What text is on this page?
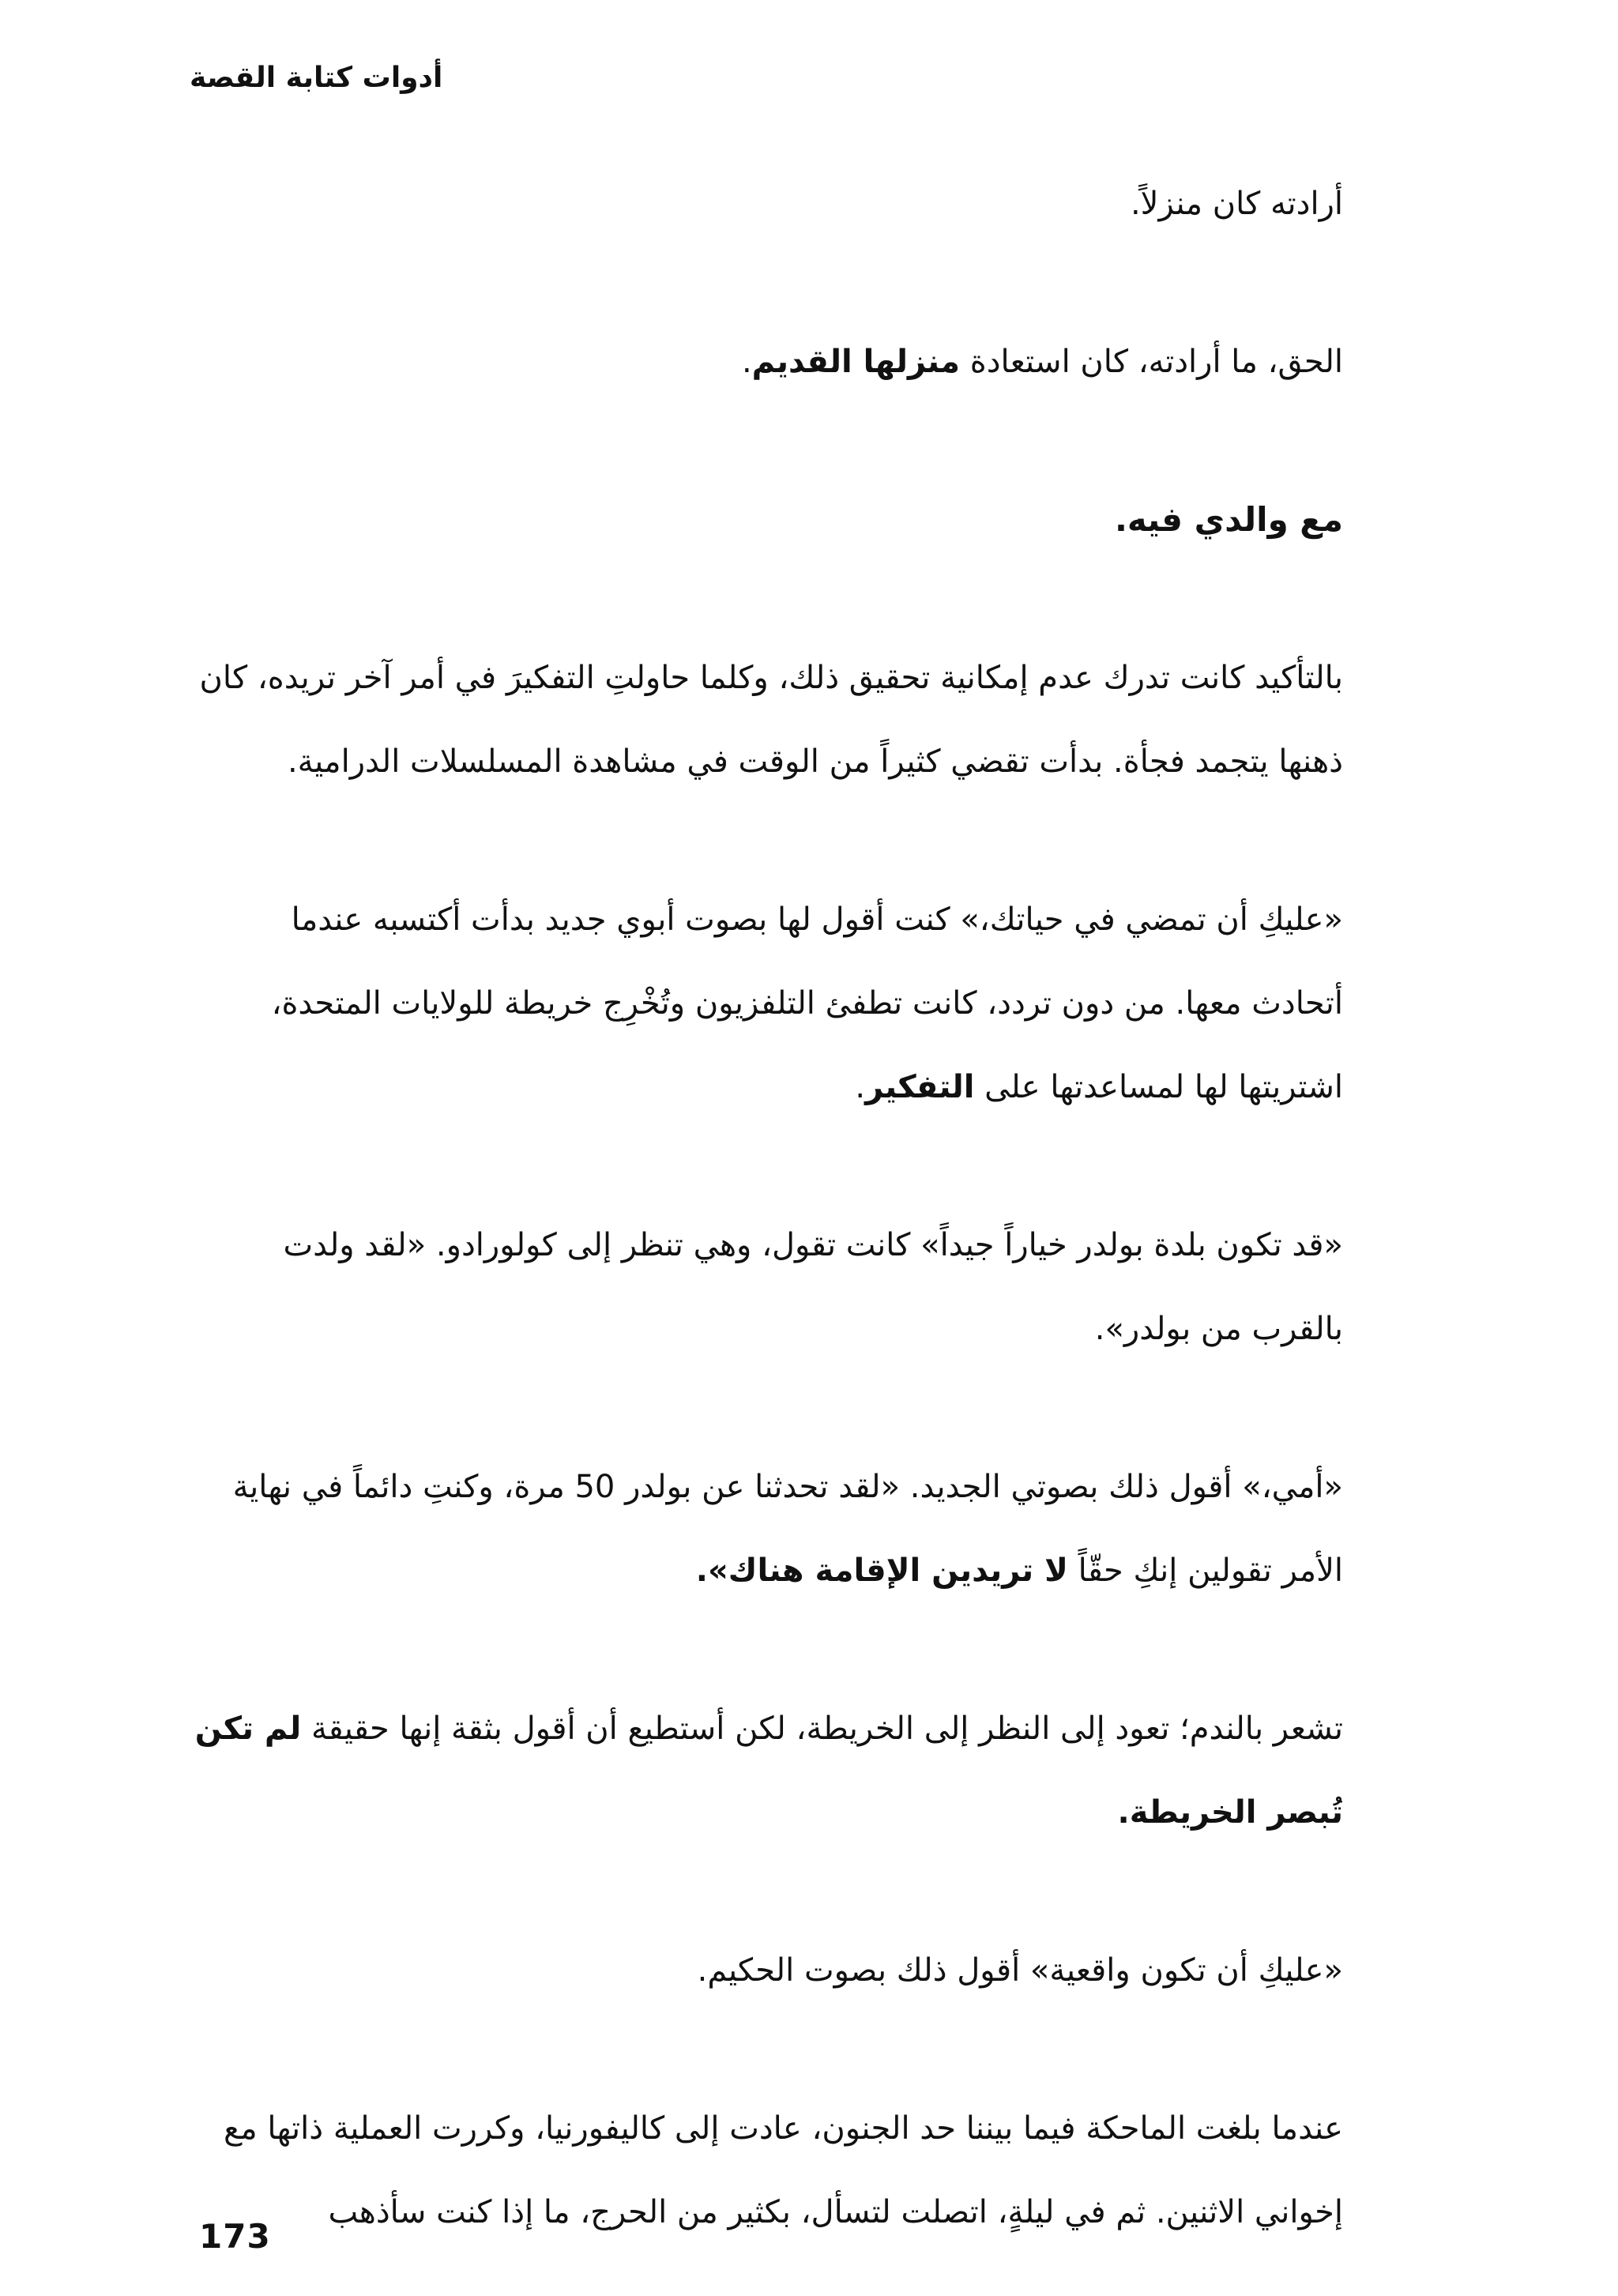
أدوات كتابة القصة

أرادته كان منزلاً.

الحق، ما أرادته، كان استعادة منزلها القديم.

مع والدي فيه.

بالتأكيد كانت تدرك عدم إمكانية تحقيق ذلك، وكلما حاولتِ التفكيرَ في أمر آخر تريده، كان ذهنها يتجمد فجأة. بدأت تقضي كثيراً من الوقت في مشاهدة المسلسلات الدرامية.

«عليكِ أن تمضي في حياتك،» كنت أقول لها بصوت أبوي جديد بدأت أكتسبه عندما أتحادث معها. من دون تردد، كانت تطفئ التلفزيون وتُخْرِج خريطة للولايات المتحدة، اشتريتها لها لمساعدتها على التفكير.

«قد تكون بلدة بولدر خياراً جيداً» كانت تقول، وهي تنظر إلى كولورادو. «لقد ولدت بالقرب من بولدر».

«أمي،» أقول ذلك بصوتي الجديد. «لقد تحدثنا عن بولدر 50 مرة، وكنتِ دائماً في نهاية الأمر تقولين إنكِ حقّاً لا تريدين الإقامة هناك».

تشعر بالندم؛ تعود إلى النظر إلى الخريطة، لكن أستطيع أن أقول بثقة إنها حقيقة لم تكن تُبصر الخريطة.

«عليكِ أن تكون واقعية» أقول ذلك بصوت الحكيم.

عندما بلغت الماحكة فيما بيننا حد الجنون، عادت إلى كاليفورنيا، وكررت العملية ذاتها مع إخواني الاثنين. ثم في ليلةٍ، اتصلت لتسأل، بكثير من الحرج، ما إذا كنت سأذهب

173
